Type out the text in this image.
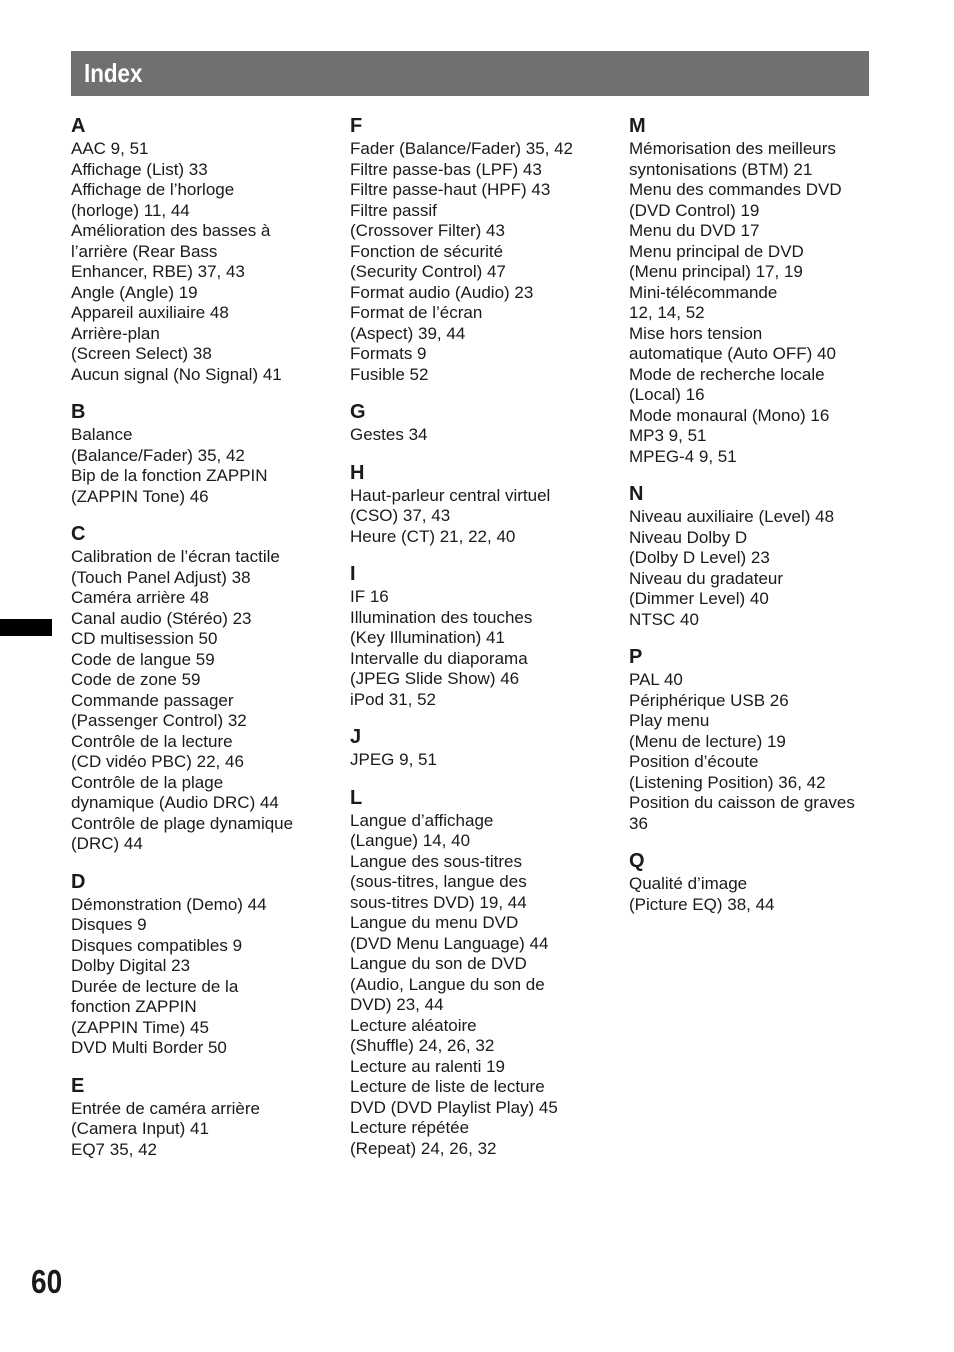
Index
A
AAC 9, 51
Affichage (List) 33
Affichage de l’horloge
(horloge) 11, 44
Amélioration des basses à
l’arrière (Rear Bass
Enhancer, RBE) 37, 43
Angle (Angle) 19
Appareil auxiliaire 48
Arrière-plan
(Screen Select) 38
Aucun signal (No Signal) 41
B
Balance
(Balance/Fader) 35, 42
Bip de la fonction ZAPPIN
(ZAPPIN Tone) 46
C
Calibration de l’écran tactile
(Touch Panel Adjust) 38
Caméra arrière 48
Canal audio (Stéréo) 23
CD multisession 50
Code de langue 59
Code de zone 59
Commande passager
(Passenger Control) 32
Contrôle de la lecture
(CD vidéo PBC) 22, 46
Contrôle de la plage
dynamique (Audio DRC) 44
Contrôle de plage dynamique
(DRC) 44
D
Démonstration (Demo) 44
Disques 9
Disques compatibles 9
Dolby Digital 23
Durée de lecture de la
fonction ZAPPIN
(ZAPPIN Time) 45
DVD Multi Border 50
E
Entrée de caméra arrière
(Camera Input) 41
EQ7 35, 42
F
Fader (Balance/Fader) 35, 42
Filtre passe-bas (LPF) 43
Filtre passe-haut (HPF) 43
Filtre passif
(Crossover Filter) 43
Fonction de sécurité
(Security Control) 47
Format audio (Audio) 23
Format de l’écran
(Aspect) 39, 44
Formats 9
Fusible 52
G
Gestes 34
H
Haut-parleur central virtuel
(CSO) 37, 43
Heure (CT) 21, 22, 40
I
IF 16
Illumination des touches
(Key Illumination) 41
Intervalle du diaporama
(JPEG Slide Show) 46
iPod 31, 52
J
JPEG 9, 51
L
Langue d’affichage
(Langue) 14, 40
Langue des sous-titres
(sous-titres, langue des
sous-titres DVD) 19, 44
Langue du menu DVD
(DVD Menu Language) 44
Langue du son de DVD
(Audio, Langue du son de
DVD) 23, 44
Lecture aléatoire
(Shuffle) 24, 26, 32
Lecture au ralenti 19
Lecture de liste de lecture
DVD (DVD Playlist Play) 45
Lecture répétée
(Repeat) 24, 26, 32
M
Mémorisation des meilleurs
syntonisations (BTM) 21
Menu des commandes DVD
(DVD Control) 19
Menu du DVD 17
Menu principal de DVD
(Menu principal) 17, 19
Mini-télécommande
12, 14, 52
Mise hors tension
automatique (Auto OFF) 40
Mode de recherche locale
(Local) 16
Mode monaural (Mono) 16
MP3 9, 51
MPEG-4 9, 51
N
Niveau auxiliaire (Level) 48
Niveau Dolby D
(Dolby D Level) 23
Niveau du gradateur
(Dimmer Level) 40
NTSC 40
P
PAL 40
Périphérique USB 26
Play menu
(Menu de lecture) 19
Position d’écoute
(Listening Position) 36, 42
Position du caisson de graves
36
Q
Qualité d’image
(Picture EQ) 38, 44
60
